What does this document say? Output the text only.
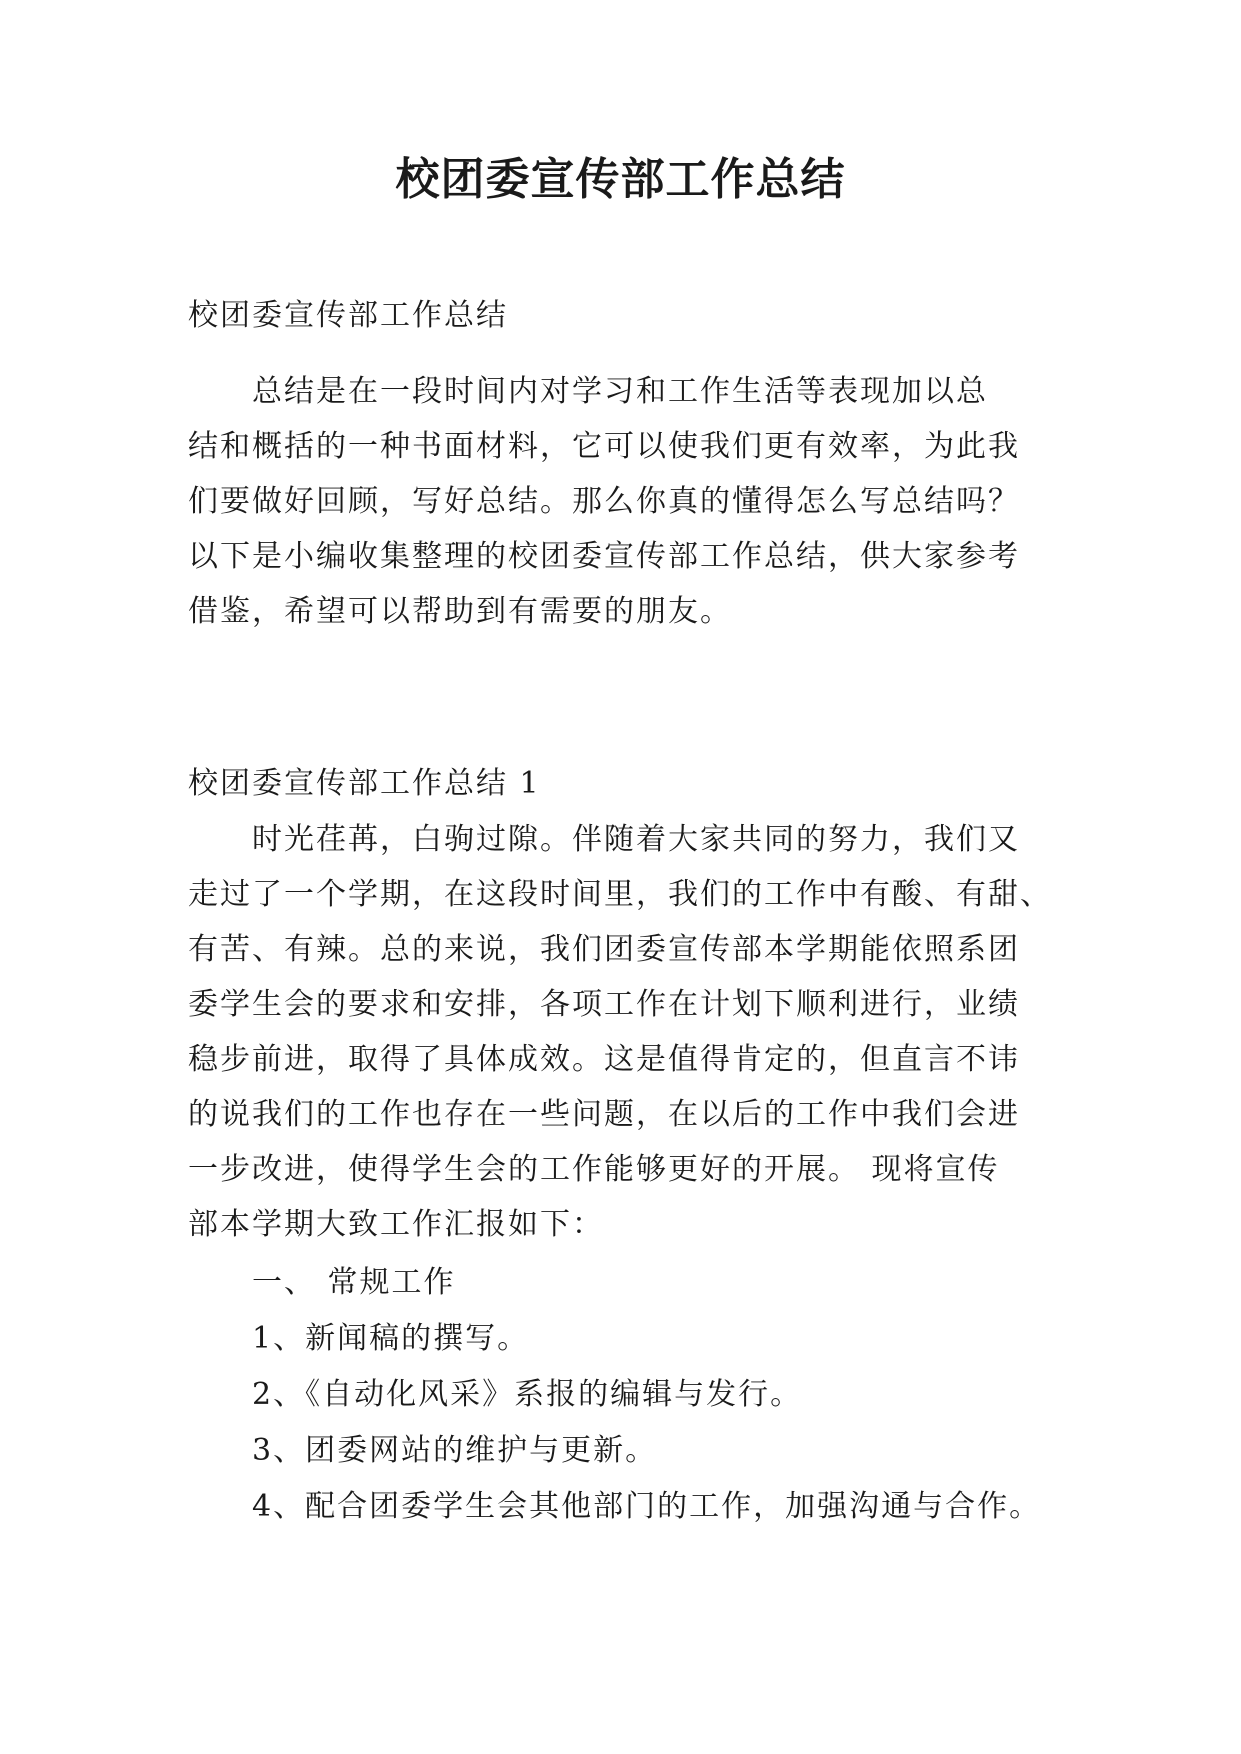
校团委宣传部工作总结
校团委宣传部工作总结
总结是在一段时间内对学习和工作生活等表现加以总
结和概括的一种书面材料，它可以使我们更有效率，为此我
们要做好回顾，写好总结。那么你真的懂得怎么写总结吗？
以下是小编收集整理的校团委宣传部工作总结，供大家参考
借鉴，希望可以帮助到有需要的朋友。
校团委宣传部工作总结 1
时光荏苒，白驹过隙。伴随着大家共同的努力，我们又
走过了一个学期，在这段时间里，我们的工作中有酸、有甜、
有苦、有辣。总的来说，我们团委宣传部本学期能依照系团
委学生会的要求和安排，各项工作在计划下顺利进行，业绩
稳步前进，取得了具体成效。这是值得肯定的，但直言不讳
的说我们的工作也存在一些问题，在以后的工作中我们会进
一步改进，使得学生会的工作能够更好的开展。 现将宣传
部本学期大致工作汇报如下：
一、 常规工作
1、新闻稿的撰写。
2、《自动化风采》系报的编辑与发行。
3、团委网站的维护与更新。
4、配合团委学生会其他部门的工作，加强沟通与合作。
